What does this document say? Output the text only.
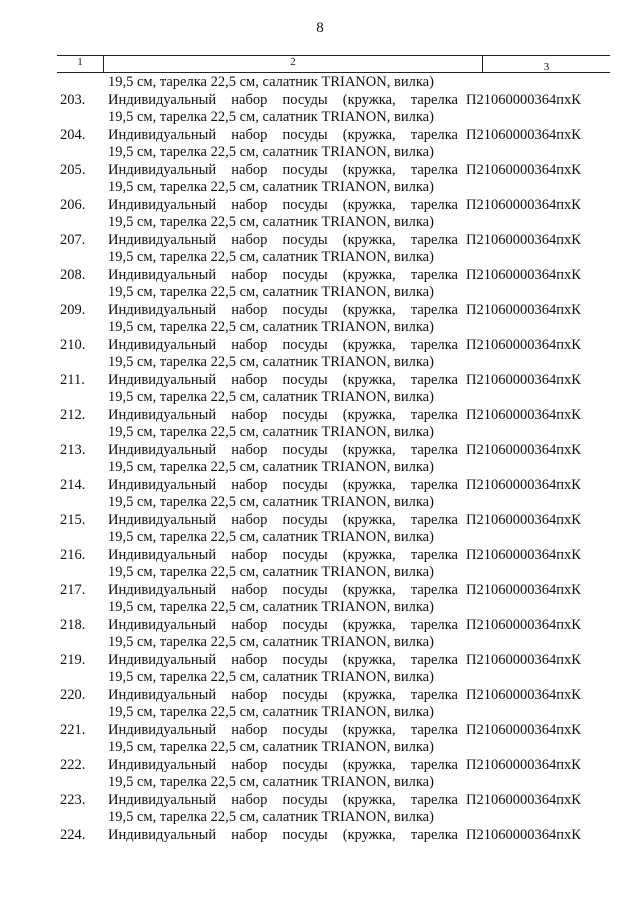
8
1	2	3
19,5 см, тарелка 22,5 см, салатник TRIANON, вилка)
203. Индивидуальный набор посуды (кружка, тарелка
19,5 см, тарелка 22,5 см, салатник TRIANON, вилка)
П21060000364пхК
204. Индивидуальный набор посуды (кружка, тарелка
19,5 см, тарелка 22,5 см, салатник TRIANON, вилка)
П21060000364пхК
205. Индивидуальный набор посуды (кружка, тарелка
19,5 см, тарелка 22,5 см, салатник TRIANON, вилка)
П21060000364пхК
206. Индивидуальный набор посуды (кружка, тарелка
19,5 см, тарелка 22,5 см, салатник TRIANON, вилка)
П21060000364пхК
207. Индивидуальный набор посуды (кружка, тарелка
19,5 см, тарелка 22,5 см, салатник TRIANON, вилка)
П21060000364пхК
208. Индивидуальный набор посуды (кружка, тарелка
19,5 см, тарелка 22,5 см, салатник TRIANON, вилка)
П21060000364пхК
209. Индивидуальный набор посуды (кружка, тарелка
19,5 см, тарелка 22,5 см, салатник TRIANON, вилка)
П21060000364пхК
210. Индивидуальный набор посуды (кружка, тарелка
19,5 см, тарелка 22,5 см, салатник TRIANON, вилка)
П21060000364пхК
211. Индивидуальный набор посуды (кружка, тарелка
19,5 см, тарелка 22,5 см, салатник TRIANON, вилка)
П21060000364пхК
212. Индивидуальный набор посуды (кружка, тарелка
19,5 см, тарелка 22,5 см, салатник TRIANON, вилка)
П21060000364пхК
213. Индивидуальный набор посуды (кружка, тарелка
19,5 см, тарелка 22,5 см, салатник TRIANON, вилка)
П21060000364пхК
214. Индивидуальный набор посуды (кружка, тарелка
19,5 см, тарелка 22,5 см, салатник TRIANON, вилка)
П21060000364пхК
215. Индивидуальный набор посуды (кружка, тарелка
19,5 см, тарелка 22,5 см, салатник TRIANON, вилка)
П21060000364пхК
216. Индивидуальный набор посуды (кружка, тарелка
19,5 см, тарелка 22,5 см, салатник TRIANON, вилка)
П21060000364пхК
217. Индивидуальный набор посуды (кружка, тарелка
19,5 см, тарелка 22,5 см, салатник TRIANON, вилка)
П21060000364пхК
218. Индивидуальный набор посуды (кружка, тарелка
19,5 см, тарелка 22,5 см, салатник TRIANON, вилка)
П21060000364пхК
219. Индивидуальный набор посуды (кружка, тарелка
19,5 см, тарелка 22,5 см, салатник TRIANON, вилка)
П21060000364пхК
220. Индивидуальный набор посуды (кружка, тарелка
19,5 см, тарелка 22,5 см, салатник TRIANON, вилка)
П21060000364пхК
221. Индивидуальный набор посуды (кружка, тарелка
19,5 см, тарелка 22,5 см, салатник TRIANON, вилка)
П21060000364пхК
222. Индивидуальный набор посуды (кружка, тарелка
19,5 см, тарелка 22,5 см, салатник TRIANON, вилка)
П21060000364пхК
223. Индивидуальный набор посуды (кружка, тарелка
19,5 см, тарелка 22,5 см, салатник TRIANON, вилка)
П21060000364пхК
224. Индивидуальный набор посуды (кружка, тарелка П21060000364пхК
